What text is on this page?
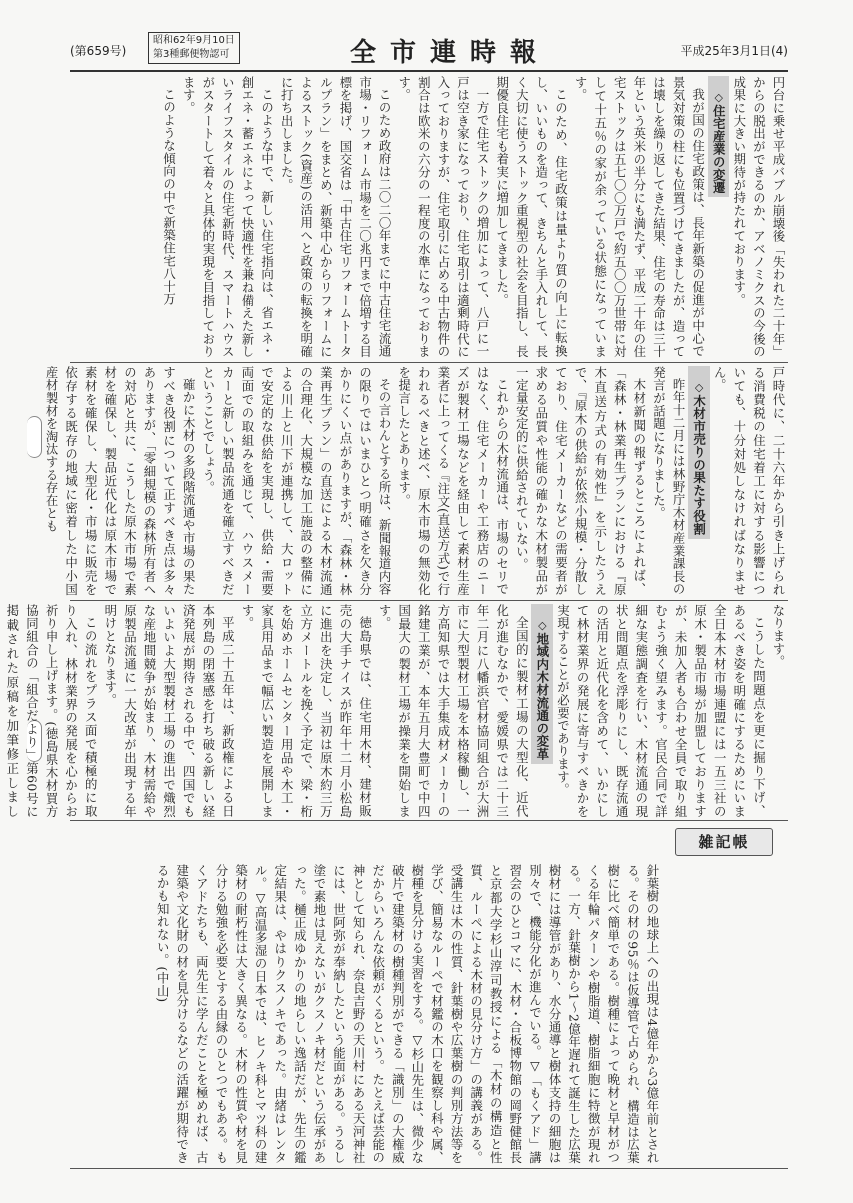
(第659号)
昭和62年9月10日
第3種郵便物認可	全市連時報	平成25年3月1日(4)

円台に乗せ平成バブル崩壊後「失われた二十年」からの脱出ができるのか、アベノミクスの今後の成果に大きい期待が持たれております。

◇住宅産業の変遷

我が国の住宅政策は、長年新築の促進が中心で景気対策の柱にも位置づけてきましたが、造っては壊しを繰り返してきた結果、住宅の寿命は三十年という英米の半分にも満たず、平成二十年の住宅ストックは五七〇〇万戸で約五〇〇万世帯に対して十五％の家が余っている状態になっています。

このため、住宅政策は量より質の向上に転換し、いいものを造って、きちんと手入れして、長く大切に使うストック重視型の社会を目指し、長期優良住宅も着実に増加してきました。

一方で住宅ストックの増加によって、八戸に一戸は空き家になっており、住宅取引は適剰時代に入っておりますが、住宅取引に占める中古物件の割合は欧米の六分の一程度の水準になっております。

このため政府は二〇二〇年までに中古住宅流通市場・リフォーム市場を二〇兆円まで倍増する目標を掲げ、国交省は「中古住宅リフォームトータルプラン」をまとめ、新築中心からリフォームによるストック(資産)の活用へと政策の転換を明確に打ち出しました。

このような中で、新しい住宅指向は、省エネ・創エネ・蓄エネによって快適性を兼ね備えた新しいライフスタイルの住宅新時代、スマートハウスがスタートして着々と具体的実現を目指しております。

このような傾向の中で新築住宅八十万

戸時代に、二十六年から引き上げられる消費税の住宅着工に対する影響についても、十分対処しなければなりません。

◇木材市売りの果たす役割

昨年十二月には林野庁木材産業課長の発言が話題になりました。

木材新聞の報ずるところによれば、「森林・林業再生プランにおける『原木直送方式の有効性』を示したうえで、『原木の供給が依然小規模・分散しており、住宅メーカーなどの需要者が求める品質や性能の確かな木材製品が一定量安定的に供給されていない。

これからの木材流通は、市場のセリではなく、住宅メーカーや工務店のニーズが製材工場などを経由して素材生産業者に上ってくる『注文(直送方式)で行われるべきと述べ、原木市場の無効化を提言したとあります。

その言わんとする所は、新聞報道内容の限りではいまひとつ明確さを欠き分かりにくい点がありますが、「森林・林業再生プラン」の直送による木材流通の合理化、大規模な加工施設の整備による川上と川下が連携して、大ロットで安定的な供給を実現し、供給・需要両面での取組みを通じて、ハウスメーカーと新しい製品流通を確立すべきだということでしょう。

確かに木材の多段階流通や市場の果たすべき役割について正すべき点は多々ありますが、「零細規模の森林所有者への対応と共に、こうした原木市場で素材を確保し、製品近代化は原木市場で素材を確保し、大型化・市場に販売を依存する既存の地域に密着した中小国産材製材を淘汰する存在とも

なります。

こうした問題点を更に掘り下げ、あるべき姿を明確にするためにいま全日本木材市場連盟には一五三社の原木・製品市場が加盟しておりますが、未加入者も合わせ全員で取り組むよう強く望みます。官民合同で詳細な実態調査を行い、木材流通の現状と問題点を浮彫りにし、既存流通の活用と近代化を含めて、いかにして林材業界の発展に寄与すべきかを実現することが必要であります。

◇地域内木材流通の変革

全国的に製材工場の大型化、近代化が進むなかで、愛媛県では二十三年二月に八幡浜官材協同組合が大洲市に大型製材工場を本格稼働し、一方高知県では大手集成材メーカーの銘建工業が、本年五月大豊町で中四国最大の製材工場が操業を開始します。

徳島県では、住宅用木材、建材販売の大手ナイスが昨年十二月小松島に進出を決定し、当初は原木約三万立方メートルを挽く予定で、梁・桁を始めホームセンター用品や木工・家具用品まで幅広い製造を展開します。

平成二十五年は、新政権による日本列島の閉塞感を打ち破る新しい経済発展が期待される中で、四国でもいよいよ大型製材工場の進出で熾烈な産地間競争が始まり、木材需給や原製品流通に一大改革が出現する年明けとなります。

この流れをプラス面で積極的に取り入れ、林材業界の発展を心からお祈り申し上げます。(徳島県木材買方協同組合の「組合だより」第60号に掲載された原稿を加筆修正しまし

雑記帳

針葉樹の地球上への出現は4億年から3億年前とされる。その材の95％は仮導管で占められ、構造は広葉樹に比べ簡単である。樹種によって晩材と早材がつくる年輪パターンや樹脂道、樹脂細胞に特徴が現れる。一方、針葉樹から1～2億年遅れて誕生した広葉樹材には導管があり、水分通導と樹体支持の細胞は別々で、機能分化が進んでいる。▽「もくアド」講習会のひとコマに、木材・合板博物館の岡野健館長と京都大学杉山淳司教授による「木材の構造と性質、ルーペによる木材の見分け方」の講義がある。受講生は木の性質、針葉樹や広葉樹の判別方法等を学び、簡易なルーペで材鑑の木口を観察し科や属、樹種を見分ける実習をする。▽杉山先生は、微少な破片で建築材の樹種判別ができる「識別」の大権威だからいろんな依頼がくるという。たとえば芸能の神として知られ、奈良吉野の天川村にある天河神社には、世阿弥が奉納したという能面がある。うるし塗で素地は見えないがクスノキ材だという伝承があった。樋正成ゆかりの地らしい逸話だが、先生の鑑定結果は、やはりクスノキであった。由緒はレンタル。▽高温多湿の日本では、ヒノキ科とマツ科の建築材の耐朽性は大きく異なる。木材の性質や材を見分ける勉強を必要とする由縁のひとつでもある。もくアドたちも、両先生に学んだことを極めれば、古建築や文化財の材を見分けるなどの活躍が期待できるかも知れない。(中山)
